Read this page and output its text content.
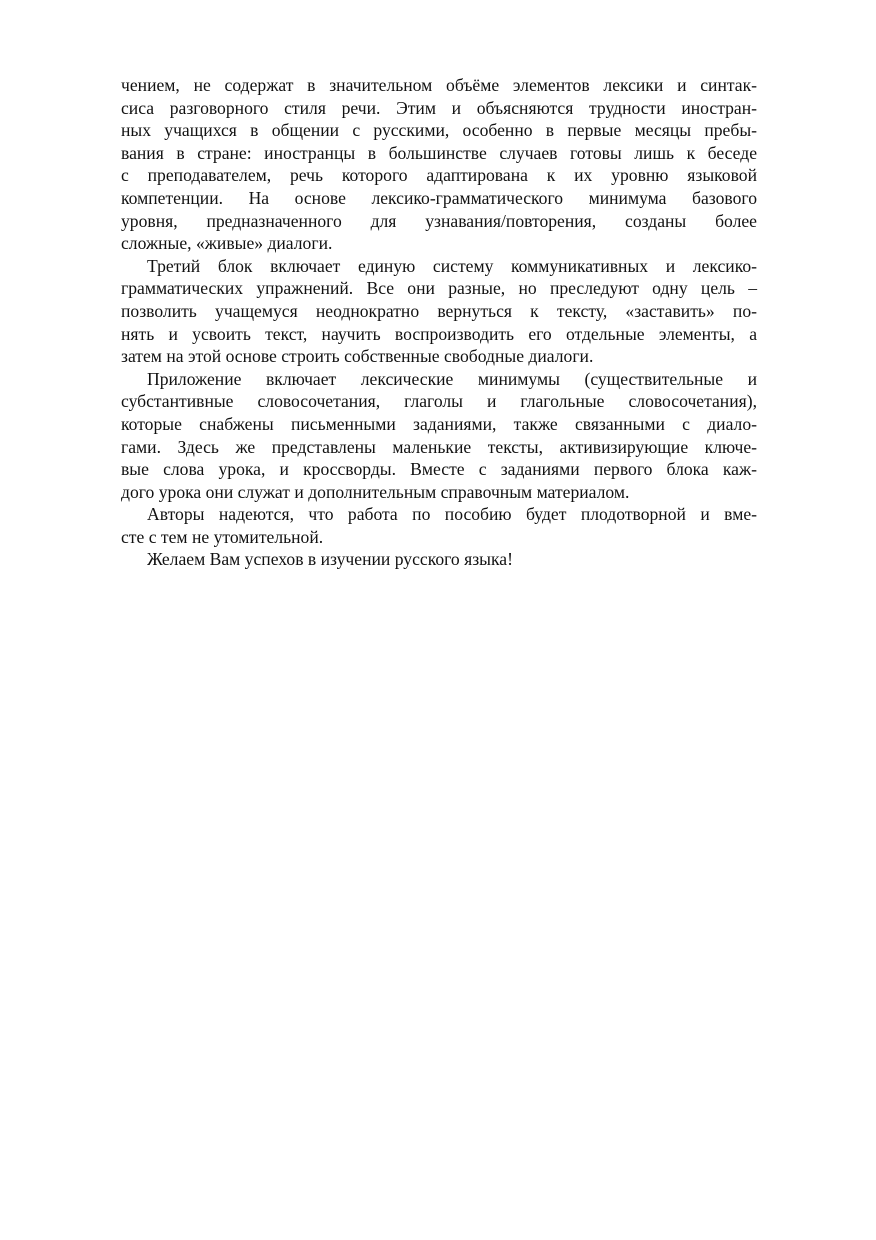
чением, не содержат в значительном объёме элементов лексики и синтак-
сиса разговорного стиля речи. Этим и объясняются трудности иностран-
ных учащихся в общении с русскими, особенно в первые месяцы пребы-
вания в стране: иностранцы в большинстве случаев готовы лишь к беседе
с преподавателем, речь которого адаптирована к их уровню языковой
компетенции. На основе лексико-грамматического минимума базового
уровня, предназначенного для узнавания/повторения, созданы более
сложные, «живые» диалоги.

Третий блок включает единую систему коммуникативных и лексико-
грамматических упражнений. Все они разные, но преследуют одну цель –
позволить учащемуся неоднократно вернуться к тексту, «заставить» по-
нять и усвоить текст, научить воспроизводить его отдельные элементы, а
затем на этой основе строить собственные свободные диалоги.

Приложение включает лексические минимумы (существительные и
субстантивные словосочетания, глаголы и глагольные словосочетания),
которые снабжены письменными заданиями, также связанными с диало-
гами. Здесь же представлены маленькие тексты, активизирующие ключе-
вые слова урока, и кроссворды. Вместе с заданиями первого блока каж-
дого урока они служат и дополнительным справочным материалом.

Авторы надеются, что работа по пособию будет плодотворной и вме-
сте с тем не утомительной.

Желаем Вам успехов в изучении русского языка!
